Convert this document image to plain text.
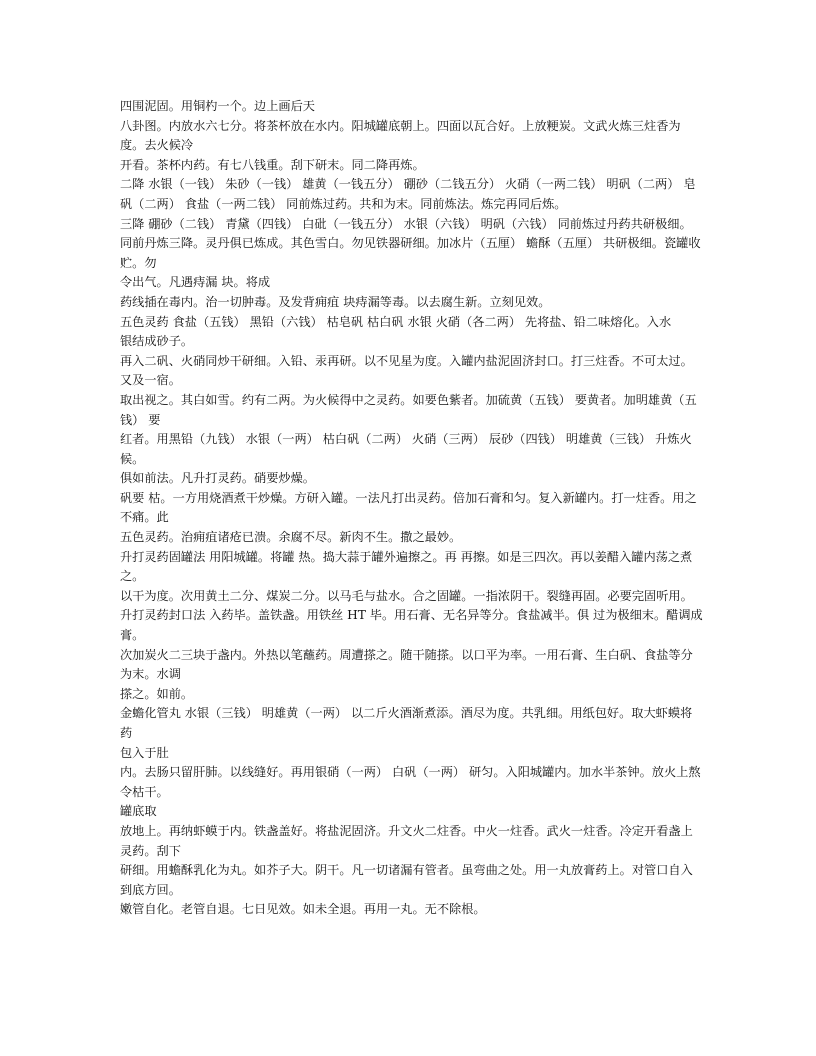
四围泥固。用铜杓一个。边上画后天

八卦图。内放水六七分。将茶杯放在水内。阳城罐底朝上。四面以瓦合好。上放粳炭。文武火炼三炷香为度。去火候冷

开看。茶杯内药。有七八钱重。刮下研末。同二降再炼。

二降 水银（一钱） 朱砂（一钱） 雄黄（一钱五分） 硼砂（二钱五分） 火硝（一两二钱） 明矾（二两） 皂

矾（二两） 食盐（一两二钱） 同前炼过药。共和为末。同前炼法。炼完再同后炼。

三降 硼砂（二钱） 青黛（四钱） 白砒（一钱五分） 水银（六钱） 明矾（六钱） 同前炼过丹药共研极细。

同前丹炼三降。灵丹俱已炼成。其色雪白。勿见铁器研细。加冰片（五厘） 蟾酥（五厘） 共研极细。瓷罐收贮。勿

令出气。凡遇痔漏 块。将成

药线插在毒内。治一切肿毒。及发背痈疽 块痔漏等毒。以去腐生新。立刻见效。

五色灵药 食盐（五钱） 黑铅（六钱） 枯皂矾 枯白矾 水银 火硝（各二两） 先将盐、铅二味熔化。入水

银结成砂子。

再入二矾、火硝同炒干研细。入铅、汞再研。以不见星为度。入罐内盐泥固济封口。打三炷香。不可太过。又及一宿。

取出视之。其白如雪。约有二两。为火候得中之灵药。如要色紫者。加硫黄（五钱） 要黄者。加明雄黄（五钱） 要

红者。用黑铅（九钱） 水银（一两） 枯白矾（二两） 火硝（三两） 辰砂（四钱） 明雄黄（三钱） 升炼火候。

俱如前法。凡升打灵药。硝要炒燥。

矾要 枯。一方用烧酒煮干炒燥。方研入罐。一法凡打出灵药。倍加石膏和匀。复入新罐内。打一炷香。用之不痛。此

五色灵药。治痈疽诸疮已溃。余腐不尽。新肉不生。撒之最妙。

升打灵药固罐法 用阳城罐。将罐 热。捣大蒜于罐外遍擦之。再 再擦。如是三四次。再以姜醋入罐内荡之煮之。

以干为度。次用黄土二分、煤炭二分。以马毛与盐水。合之固罐。一指浓阴干。裂缝再固。必要完固听用。

升打灵药封口法 入药毕。盖铁盏。用铁丝 HT 毕。用石膏、无名异等分。食盐减半。俱 过为极细末。醋调成膏。

次加炭火二三块于盏内。外热以笔蘸药。周遭搽之。随干随搽。以口平为率。一用石膏、生白矾、食盐等分为末。水调

搽之。如前。

金蟾化管丸 水银（三钱） 明雄黄（一两） 以二斤火酒渐煮添。酒尽为度。共乳细。用纸包好。取大虾蟆将药

包入于肚

内。去肠只留肝肺。以线缝好。再用银硝（一两） 白矾（一两） 研匀。入阳城罐内。加水半茶钟。放火上熬令枯干。

罐底取

放地上。再纳虾蟆于内。铁盏盖好。将盐泥固济。升文火二炷香。中火一炷香。武火一炷香。冷定开看盏上灵药。刮下

研细。用蟾酥乳化为丸。如芥子大。阴干。凡一切诸漏有管者。虽弯曲之处。用一丸放膏药上。对管口自入到底方回。

嫩管自化。老管自退。七日见效。如未全退。再用一丸。无不除根。
